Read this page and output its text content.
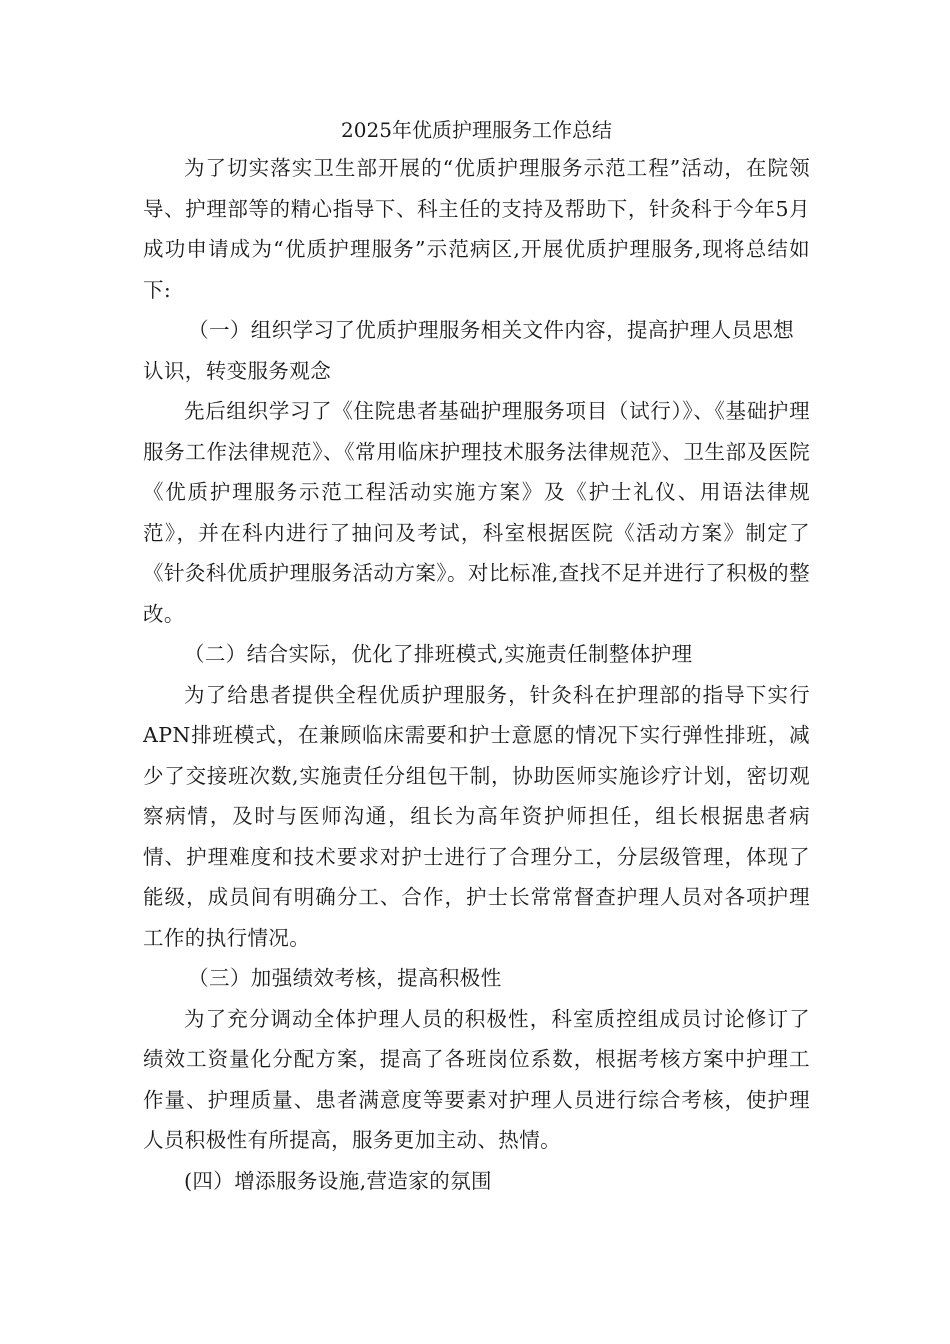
2025年优质护理服务工作总结

为了切实落实卫生部开展的“优质护理服务示范工程”活动，在院领导、护理部等的精心指导下、科主任的支持及帮助下，针灸科于今年5月成功申请成为“优质护理服务”示范病区,开展优质护理服务,现将总结如下:

（一）组织学习了优质护理服务相关文件内容，提高护理人员思想认识，转变服务观念

先后组织学习了《住院患者基础护理服务项目（试行）》、《基础护理服务工作法律规范》、《常用临床护理技术服务法律规范》、卫生部及医院《优质护理服务示范工程活动实施方案》及《护士礼仪、用语法律规范》，并在科内进行了抽问及考试，科室根据医院《活动方案》制定了《针灸科优质护理服务活动方案》。对比标准,查找不足并进行了积极的整改。

（二）结合实际，优化了排班模式,实施责任制整体护理

为了给患者提供全程优质护理服务，针灸科在护理部的指导下实行APN排班模式，在兼顾临床需要和护士意愿的情况下实行弹性排班，减少了交接班次数,实施责任分组包干制，协助医师实施诊疗计划，密切观察病情，及时与医师沟通，组长为高年资护师担任，组长根据患者病情、护理难度和技术要求对护士进行了合理分工，分层级管理，体现了能级，成员间有明确分工、合作，护士长常常督查护理人员对各项护理工作的执行情况。

（三）加强绩效考核，提高积极性

为了充分调动全体护理人员的积极性，科室质控组成员讨论修订了绩效工资量化分配方案，提高了各班岗位系数，根据考核方案中护理工作量、护理质量、患者满意度等要素对护理人员进行综合考核，使护理人员积极性有所提高，服务更加主动、热情。

(四）增添服务设施,营造家的氛围
